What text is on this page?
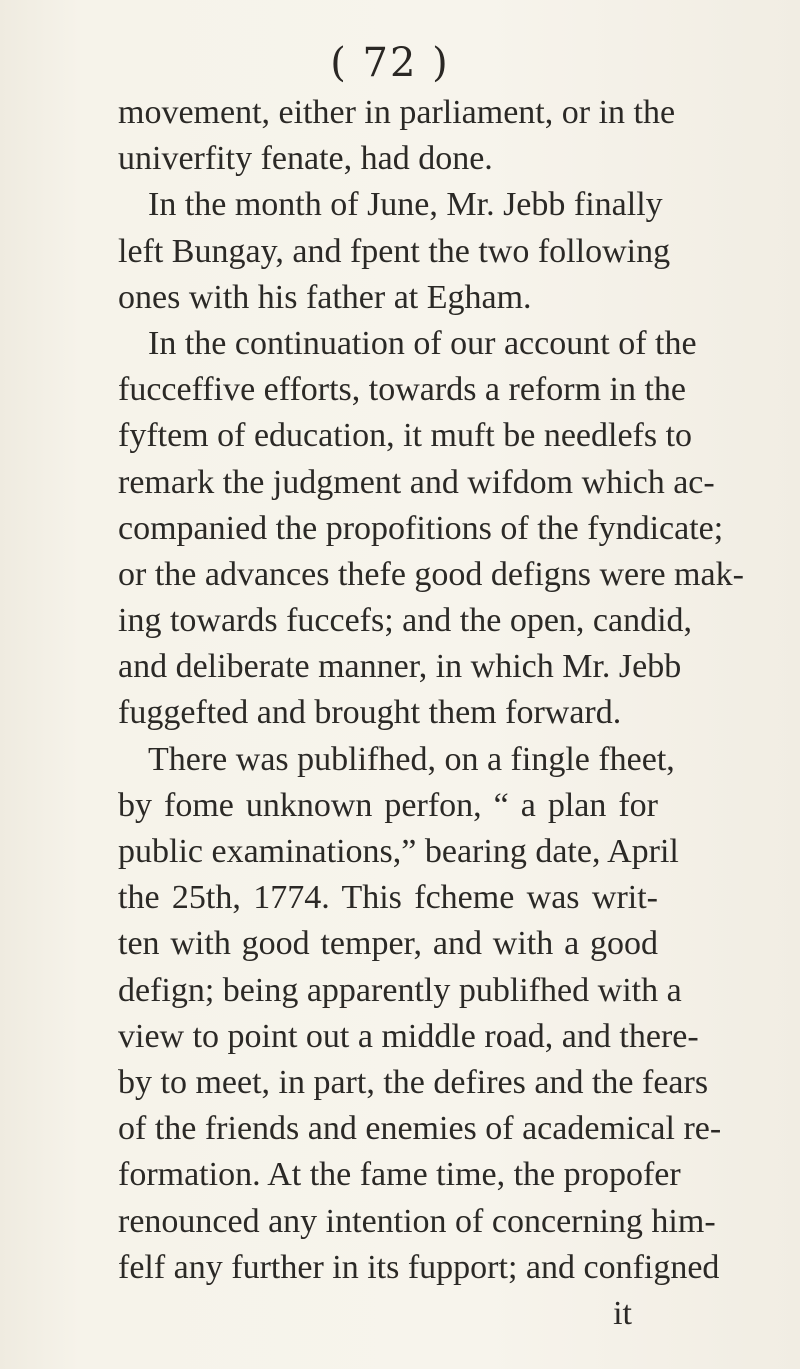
( 72 )
movement, either in parliament, or in the
univerfity fenate, had done.
In the month of June, Mr. Jebb finally
left Bungay, and fpent the two following
ones with his father at Egham.
In the continuation of our account of the
fucceffive efforts, towards a reform in the
fyftem of education, it muft be needlefs to
remark the judgment and wifdom which ac-
companied the propofitions of the fyndicate;
or the advances thefe good defigns were mak-
ing towards fuccefs; and the open, candid,
and deliberate manner, in which Mr. Jebb
fuggefted and brought them forward.
There was publifhed, on a fingle fheet,
by fome unknown perfon, “ a plan for
public examinations,” bearing date, April
the 25th, 1774. This fcheme was writ-
ten with good temper, and with a good
defign; being apparently publifhed with a
view to point out a middle road, and there-
by to meet, in part, the defires and the fears
of the friends and enemies of academical re-
formation. At the fame time, the propofer
renounced any intention of concerning him-
felf any further in its fupport; and configned
it
